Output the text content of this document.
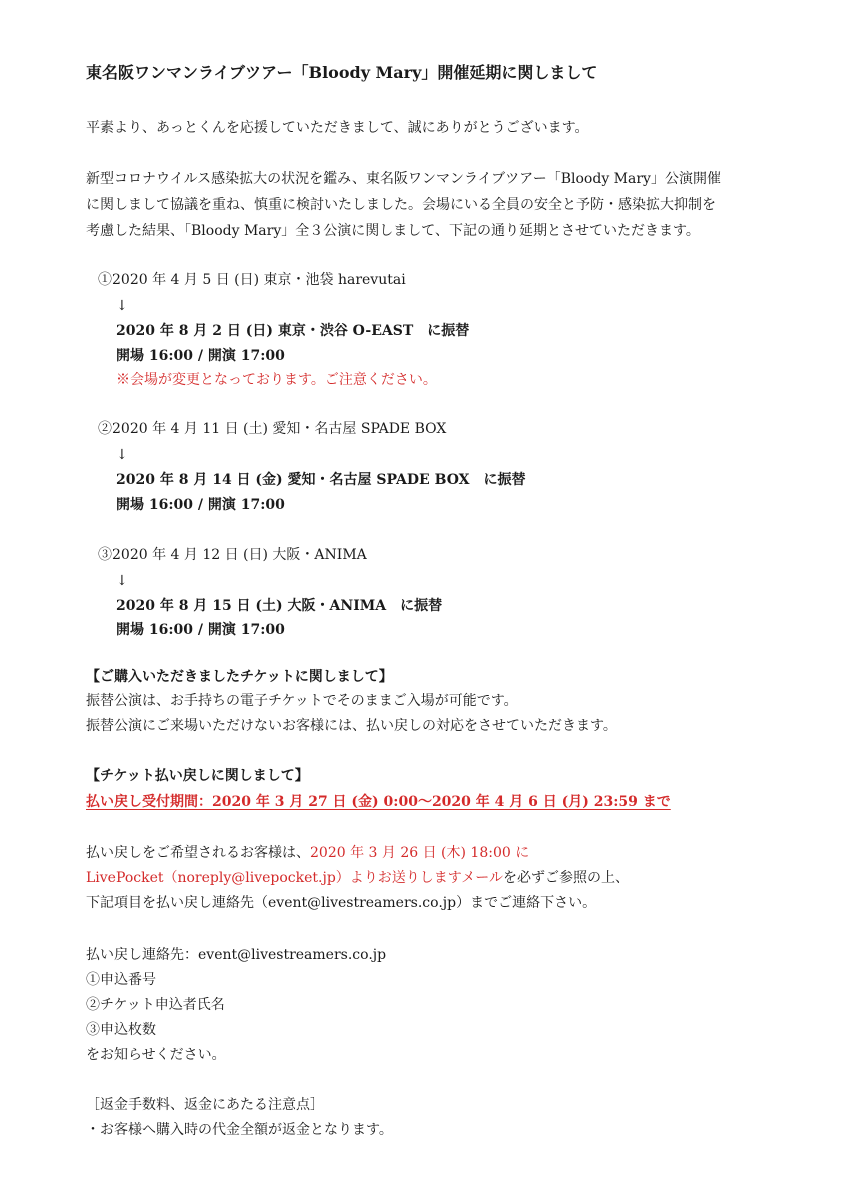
東名阪ワンマンライブツアー「Bloody Mary」開催延期に関しまして
平素より、あっとくんを応援していただきまして、誠にありがとうございます。
新型コロナウイルス感染拡大の状況を鑑み、東名阪ワンマンライブツアー「Bloody Mary」公演開催
に関しまして協議を重ね、慎重に検討いたしました。会場にいる全員の安全と予防・感染拡大抑制を
考慮した結果、「Bloody Mary」全３公演に関しまして、下記の通り延期とさせていただきます。
①2020 年 4 月 5 日 (日) 東京・池袋 harevutai
↓
2020 年 8 月 2 日 (日) 東京・渋谷 O-EAST　に振替
開場 16:00 / 開演 17:00
※会場が変更となっております。ご注意ください。
②2020 年 4 月 11 日 (土) 愛知・名古屋 SPADE BOX
↓
2020 年 8 月 14 日 (金) 愛知・名古屋 SPADE BOX　に振替
開場 16:00 / 開演 17:00
③2020 年 4 月 12 日 (日) 大阪・ANIMA
↓
2020 年 8 月 15 日 (土) 大阪・ANIMA　に振替
開場 16:00 / 開演 17:00
【ご購入いただきましたチケットに関しまして】
振替公演は、お手持ちの電子チケットでそのままご入場が可能です。
振替公演にご来場いただけないお客様には、払い戻しの対応をさせていただきます。
【チケット払い戻しに関しまして】
払い戻し受付期間：2020 年 3 月 27 日 (金) 0:00〜2020 年 4 月 6 日 (月) 23:59 まで
払い戻しをご希望されるお客様は、2020 年 3 月 26 日 (木) 18:00 に
LivePocket（noreply@livepocket.jp）よりお送りしますメールを必ずご参照の上、
下記項目を払い戻し連絡先（event@livestreamers.co.jp）までご連絡下さい。
払い戻し連絡先：event@livestreamers.co.jp
①申込番号
②チケット申込者氏名
③申込枚数
をお知らせください。
［返金手数料、返金にあたる注意点］
・お客様へ購入時の代金全額が返金となります。
